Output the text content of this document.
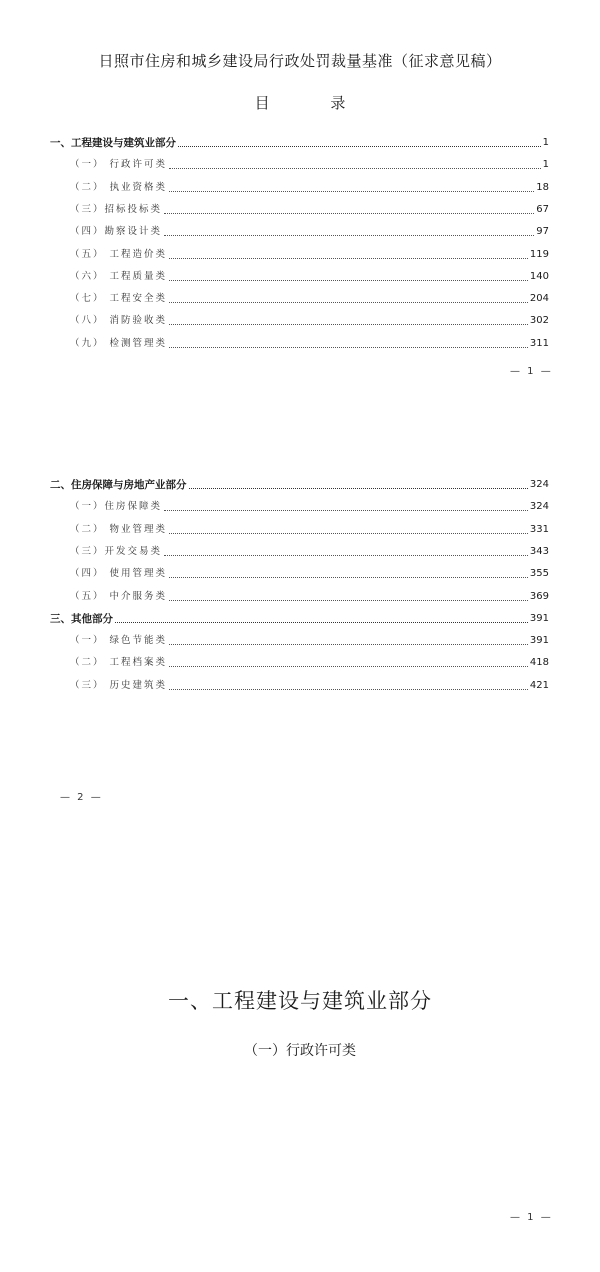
日照市住房和城乡建设局行政处罚裁量基准（征求意见稿）
目 录
一、工程建设与建筑业部分	1
（一） 行政许可类	1
（二） 执业资格类	18
（三）招标投标类	67
（四）勘察设计类	97
（五） 工程造价类	119
（六） 工程质量类	140
（七） 工程安全类	204
（八） 消防验收类	302
（九） 检测管理类	311
— 1 —
二、住房保障与房地产业部分	324
（一）住房保障类	324
（二） 物业管理类	331
（三）开发交易类	343
（四） 使用管理类	355
（五） 中介服务类	369
三、其他部分	391
（一） 绿色节能类	391
（二） 工程档案类	418
（三） 历史建筑类	421
— 2 —
一、工程建设与建筑业部分
（一）行政许可类
— 1 —
